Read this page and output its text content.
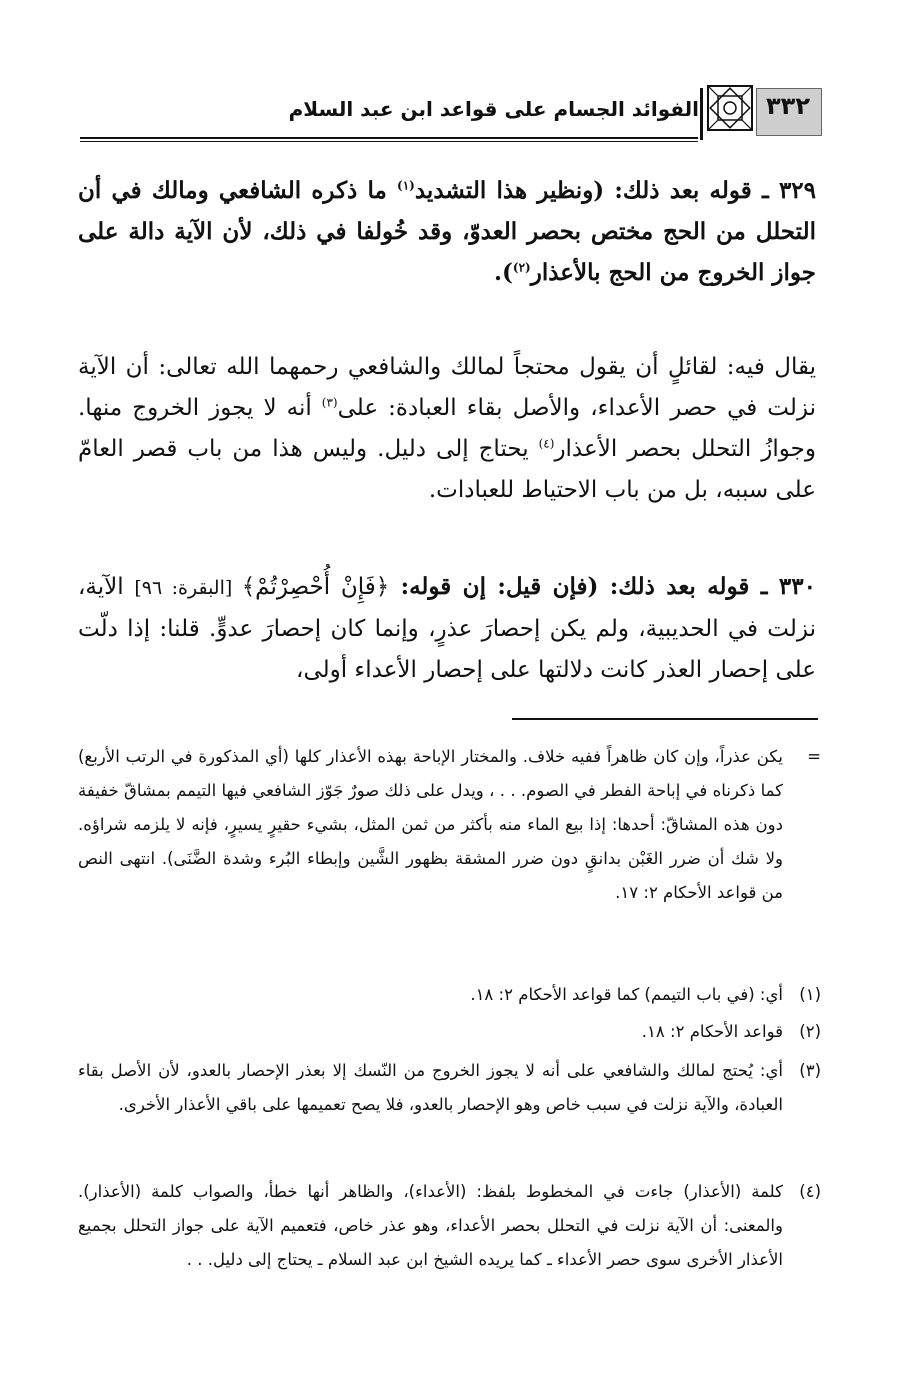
٣٣٢
الفوائد الجسام على قواعد ابن عبد السلام
٣٢٩ ـ قوله بعد ذلك: (ونظير هذا التشديد$^{(١)}$ ما ذكره الشافعي ومالك في أن التحلل من الحج مختص بحصر العدوّ، وقد خُولفا في ذلك، لأن الآية دالة على جواز الخروج من الحج بالأعذار$^{(٢)}$).
يقال فيه: لقائلٍ أن يقول محتجاً لمالك والشافعي رحمهما الله تعالى: أن الآية نزلت في حصر الأعداء، والأصل بقاء العبادة: على$^{(٣)}$ أنه لا يجوز الخروج منها. وجوازُ التحلل بحصر الأعذار$^{(٤)}$ يحتاج إلى دليل. وليس هذا من باب قصر العامّ على سببه، بل من باب الاحتياط للعبادات.
٣٣٠ ـ قوله بعد ذلك: (فإن قيل: إن قوله: ﴿فَإِنْ أُحْصِرْتُمْ﴾ [البقرة: ٩٦] الآية، نزلت في الحديبية، ولم يكن إحصارَ عذرٍ، وإنما كان إحصارَ عدوٍّ. قلنا: إذا دلّت على إحصار العذر كانت دلالتها على إحصار الأعداء أولى،
=
يكن عذراً، وإن كان ظاهراً ففيه خلاف. والمختار الإباحة بهذه الأعذار كلها (أي المذكورة في الرتب الأربع) كما ذكرناه في إباحة الفطر في الصوم. . . ، ويدل على ذلك صورٌ جَوّز الشافعي فيها التيمم بمشاقّ خفيفة دون هذه المشاقّ: أحدها: إذا بيع الماء منه بأكثر من ثمن المثل، بشيء حقيرٍ يسيرٍ، فإنه لا يلزمه شراؤه. ولا شك أن ضرر الغَبْن بدانقٍ دون ضرر المشقة بظهور الشَّين وإبطاء البُرء وشدة الضَّنَى). انتهى النص من قواعد الأحكام ٢: ١٧.
(١)
أي: (في باب التيمم) كما قواعد الأحكام ٢: ١٨.
(٢)
قواعد الأحكام ٢: ١٨.
(٣)
أي: يُحتج لمالك والشافعي على أنه لا يجوز الخروج من النّسك إلا بعذر الإحصار بالعدو، لأن الأصل بقاء العبادة، والآية نزلت في سبب خاص وهو الإحصار بالعدو، فلا يصح تعميمها على باقي الأعذار الأخرى.
(٤)
كلمة (الأعذار) جاءت في المخطوط بلفظ: (الأعداء)، والظاهر أنها خطأ، والصواب كلمة (الأعذار). والمعنى: أن الآية نزلت في التحلل بحصر الأعداء، وهو عذر خاص، فتعميم الآية على جواز التحلل بجميع الأعذار الأخرى سوى حصر الأعداء ـ كما يريده الشيخ ابن عبد السلام ـ يحتاج إلى دليل. . .
